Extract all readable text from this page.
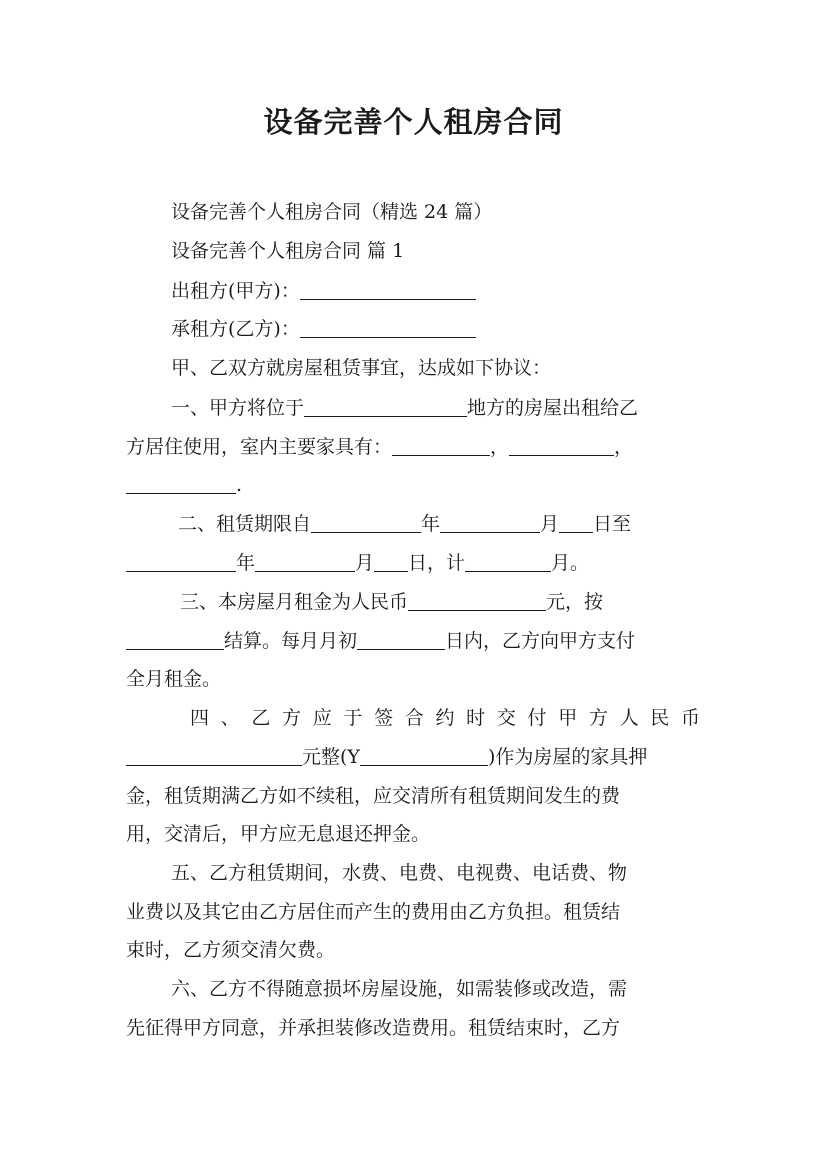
设备完善个人租房合同
设备完善个人租房合同（精选 24 篇）
设备完善个人租房合同 篇 1
出租方(甲方)：
承租方(乙方)：
甲、乙双方就房屋租赁事宜，达成如下协议：
一、甲方将位于	地方的房屋出租给乙
方居住使用，室内主要家具有：	，	，
.
二、租赁期限自	年	月 日至
年	月 日，计	月。
三、本房屋月租金为人民币	元，按
结算。每月月初	日内，乙方向甲方支付
全月租金。
四、乙方应于签合约时交付甲方人民币
元整(Y	)作为房屋的家具押
金，租赁期满乙方如不续租，应交清所有租赁期间发生的费
用，交清后，甲方应无息退还押金。
五、乙方租赁期间，水费、电费、电视费、电话费、物
业费以及其它由乙方居住而产生的费用由乙方负担。租赁结
束时，乙方须交清欠费。
六、乙方不得随意损坏房屋设施，如需装修或改造，需
先征得甲方同意，并承担装修改造费用。租赁结束时，乙方
